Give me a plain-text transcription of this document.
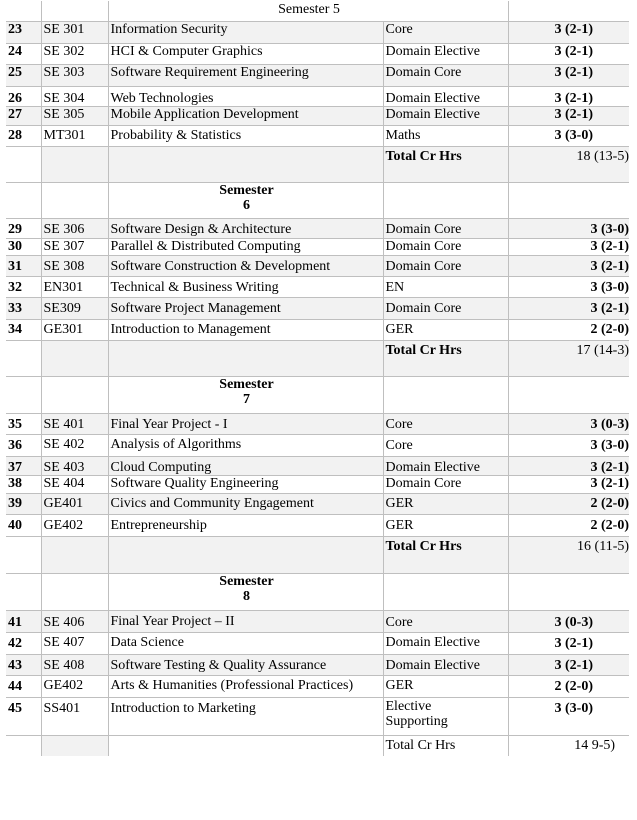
		Semester 5		
23	SE 301	Information Security	Core	3 (2-1)
24	SE 302	HCI & Computer Graphics	Domain Elective	3 (2-1)
25	SE 303	Software Requirement Engineering	Domain Core	3 (2-1)
26	SE 304	Web Technologies	Domain Elective	3 (2-1)
27	SE 305	Mobile Application Development	Domain Elective	3 (2-1)
28	MT301	Probability & Statistics	Maths	3 (3-0)
			Total Cr Hrs	18 (13-5)

		Semester
6		

29	SE 306	Software Design & Architecture	Domain Core	3 (3-0)
30	SE 307	Parallel & Distributed Computing	Domain Core	3 (2-1)
31	SE 308	Software Construction & Development	Domain Core	3 (2-1)
32	EN301	Technical & Business Writing	EN	3 (3-0)
33	SE309	Software Project Management	Domain Core	3 (2-1)
34	GE301	Introduction to Management	GER	2 (2-0)
			Total Cr Hrs	17 (14-3)

		Semester
7		

35	SE 401	Final Year Project - I	Core	3 (0-3)
36	SE 402	Analysis of Algorithms	Core	3 (3-0)
37	SE 403	Cloud Computing	Domain Elective	3 (2-1)
38	SE 404	Software Quality Engineering	Domain Core	3 (2-1)
39	GE401	Civics and Community Engagement	GER	2 (2-0)
40	GE402	Entrepreneurship	GER	2 (2-0)
			Total Cr Hrs	16 (11-5)

		Semester
8		

41	SE 406	Final Year Project – II	Core	3 (0-3)
42	SE 407	Data Science	Domain Elective	3 (2-1)
43	SE 408	Software Testing & Quality Assurance	Domain Elective	3 (2-1)
44	GE402	Arts & Humanities (Professional Practices)	GER	2 (2-0)
45	SS401	Introduction to Marketing	Elective
Supporting	3 (3-0)
			Total Cr Hrs	14 9-5)
